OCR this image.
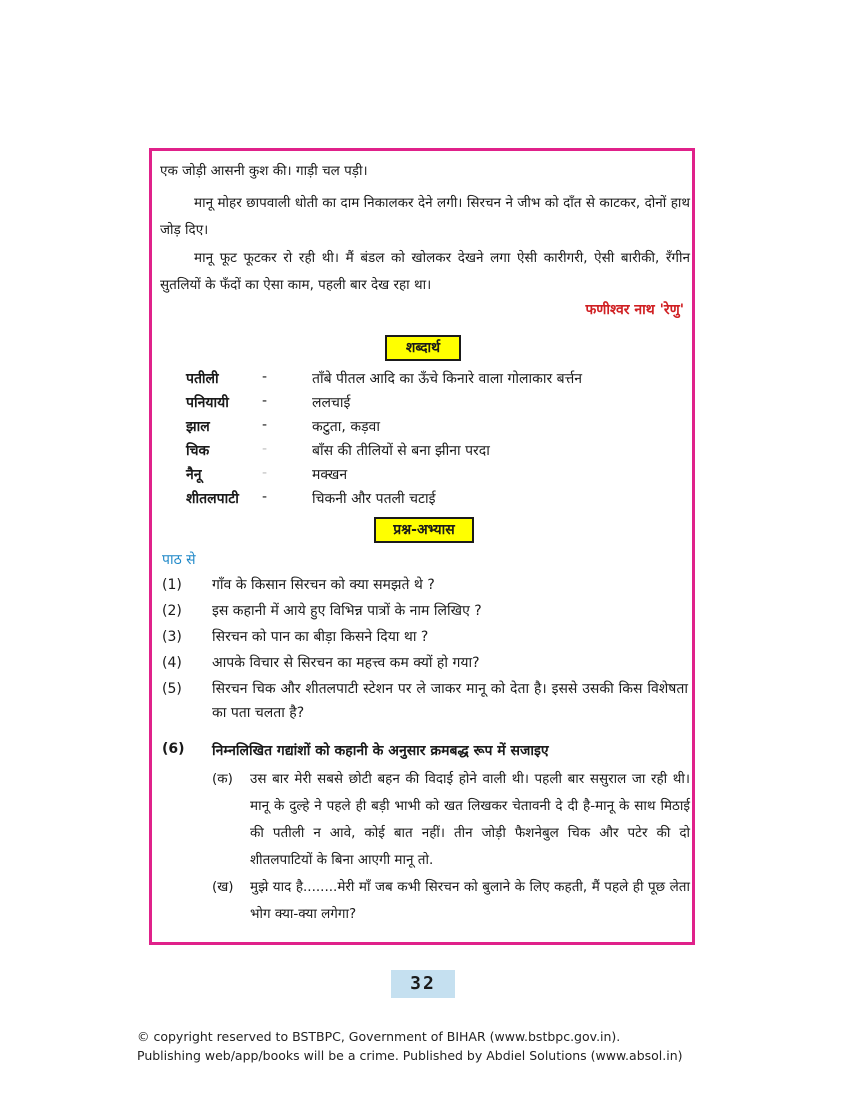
एक जोड़ी आसनी कुश की। गाड़ी चल पड़ी।

मानू मोहर छापवाली धोती का दाम निकालकर देने लगी। सिरचन ने जीभ को दाँत से काटकर, दोनों हाथ जोड़ दिए।

मानू फूट फूटकर रो रही थी। मैं बंडल को खोलकर देखने लगा ऐसी कारीगरी, ऐसी बारीकी, रँगीन सुतलियों के फँदों का ऐसा काम, पहली बार देख रहा था।

फणीश्वर नाथ 'रेणु'
शब्दार्थ
पतीली	-	ताँबे पीतल आदि का ऊँचे किनारे वाला गोलाकार बर्त्तन
पनियायी -	ललचाई
झाल	-	कटुता, कड़वा
चिक	-	बाँस की तीलियों से बना झीना परदा
नैनू	-	मक्खन
शीतलपाटी -	चिकनी और पतली चटाई
प्रश्न-अभ्यास
पाठ से
(1) गाँव के किसान सिरचन को क्या समझते थे ?
(2) इस कहानी में आये हुए विभिन्न पात्रों के नाम लिखिए ?
(3) सिरचन को पान का बीड़ा किसने दिया था ?
(4) आपके विचार से सिरचन का महत्त्व कम क्यों हो गया?
(5) सिरचन चिक और शीतलपाटी स्टेशन पर ले जाकर मानू को देता है। इससे उसकी किस विशेषता का पता चलता है?
(6) निम्नलिखित गद्यांशों को कहानी के अनुसार क्रमबद्ध रूप में सजाइए
(क) उस बार मेरी सबसे छोटी बहन की विदाई होने वाली थी। पहली बार ससुराल जा रही थी। मानू के दुल्हे ने पहले ही बड़ी भाभी को खत लिखकर चेतावनी दे दी है-मानू के साथ मिठाई की पतीली न आवे, कोई बात नहीं। तीन जोड़ी फैशनेबुल चिक और पटेर की दो शीतलपाटियों के बिना आएगी मानू तो.
(ख) मुझे याद है........मेरी माँ जब कभी सिरचन को बुलाने के लिए कहती, मैं पहले ही पूछ लेता भोग क्या-क्या लगेगा?
32
© copyright reserved to BSTBPC, Government of BIHAR (www.bstbpc.gov.in).
Publishing web/app/books will be a crime. Published by Abdiel Solutions (www.absol.in)
